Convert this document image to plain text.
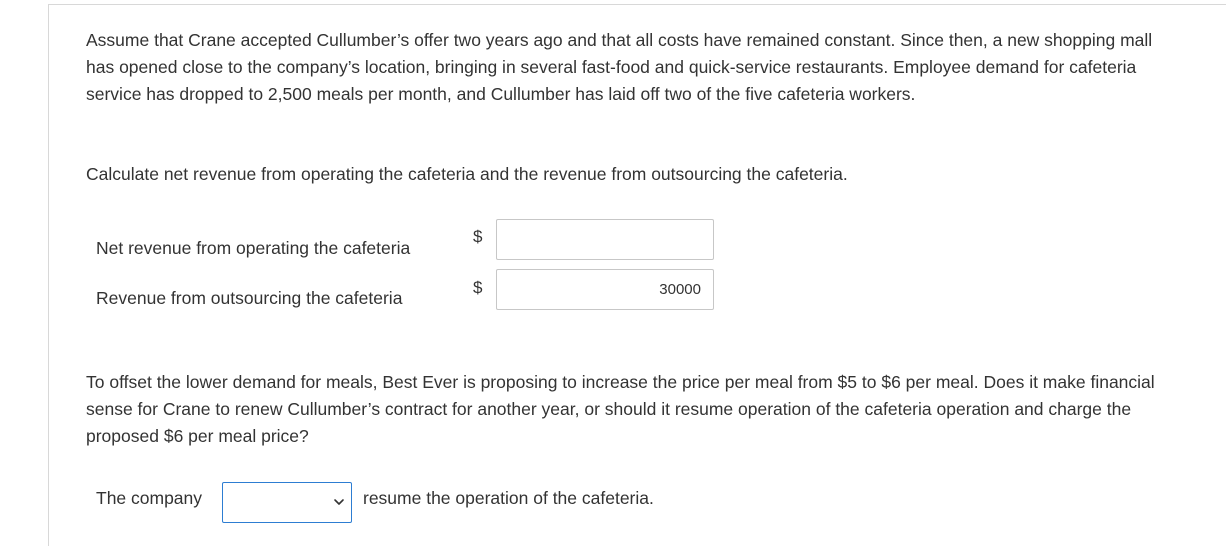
Assume that Crane accepted Cullumber’s offer two years ago and that all costs have remained constant. Since then, a new shopping mall has opened close to the company’s location, bringing in several fast-food and quick-service restaurants. Employee demand for cafeteria service has dropped to 2,500 meals per month, and Cullumber has laid off two of the five cafeteria workers.

Calculate net revenue from operating the cafeteria and the revenue from outsourcing the cafeteria.

Net revenue from operating the cafeteria
$
Revenue from outsourcing the cafeteria
$
30000

To offset the lower demand for meals, Best Ever is proposing to increase the price per meal from $5 to $6 per meal. Does it make financial sense for Crane to renew Cullumber’s contract for another year, or should it resume operation of the cafeteria operation and charge the proposed $6 per meal price?

The company	resume the operation of the cafeteria.
